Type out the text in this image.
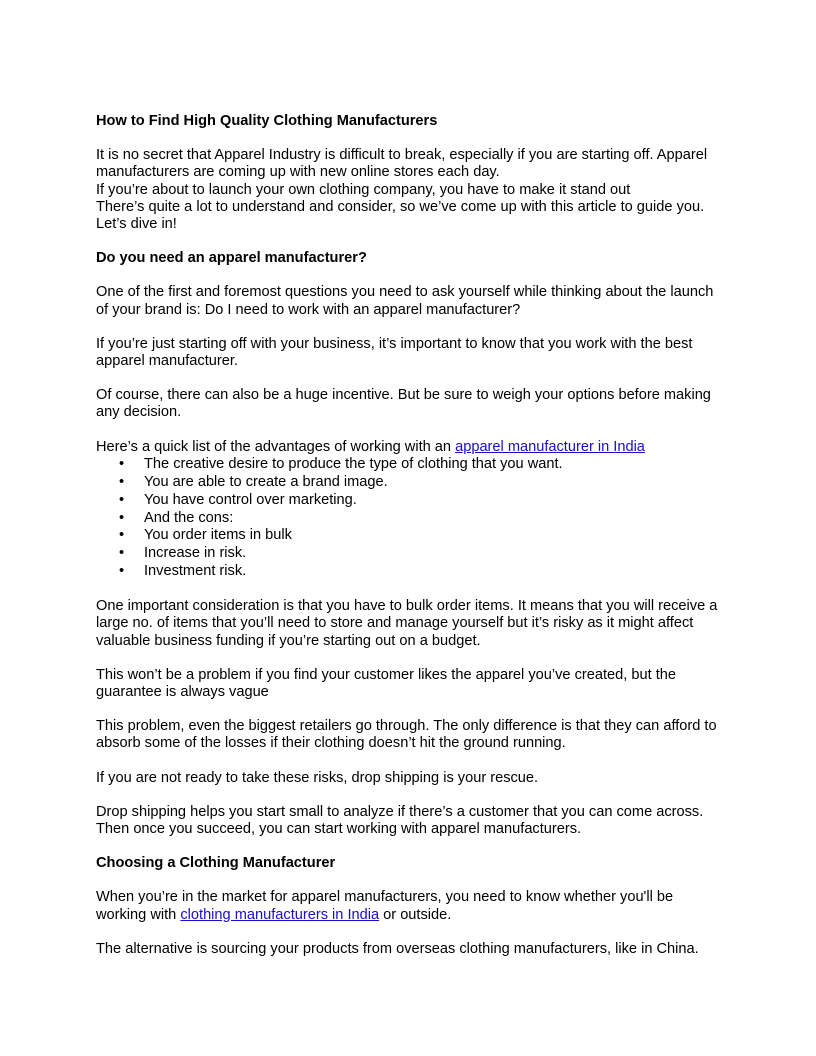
How to Find High Quality Clothing Manufacturers

It is no secret that Apparel Industry is difficult to break, especially if you are starting off. Apparel manufacturers are coming up with new online stores each day.

If you’re about to launch your own clothing company, you have to make it stand out

There’s quite a lot to understand and consider, so we’ve come up with this article to guide you. Let’s dive in!

Do you need an apparel manufacturer?

One of the first and foremost questions you need to ask yourself while thinking about the launch of your brand is: Do I need to work with an apparel manufacturer?

If you’re just starting off with your business, it’s important to know that you work with the best apparel manufacturer.

Of course, there can also be a huge incentive. But be sure to weigh your options before making any decision.

Here’s a quick list of the advantages of working with an apparel manufacturer in India

• The creative desire to produce the type of clothing that you want.
• You are able to create a brand image.
• You have control over marketing.
• And the cons:
• You order items in bulk
• Increase in risk.
• Investment risk.

One important consideration is that you have to bulk order items. It means that you will receive a large no. of items that you’ll need to store and manage yourself but it’s risky as it might affect valuable business funding if you’re starting out on a budget.

This won’t be a problem if you find your customer likes the apparel you’ve created, but the guarantee is always vague

This problem, even the biggest retailers go through. The only difference is that they can afford to absorb some of the losses if their clothing doesn’t hit the ground running.

If you are not ready to take these risks, drop shipping is your rescue.

Drop shipping helps you start small to analyze if there’s a customer that you can come across. Then once you succeed, you can start working with apparel manufacturers.

Choosing a Clothing Manufacturer

When you’re in the market for apparel manufacturers, you need to know whether you'll be working with clothing manufacturers in India or outside.

The alternative is sourcing your products from overseas clothing manufacturers, like in China.
